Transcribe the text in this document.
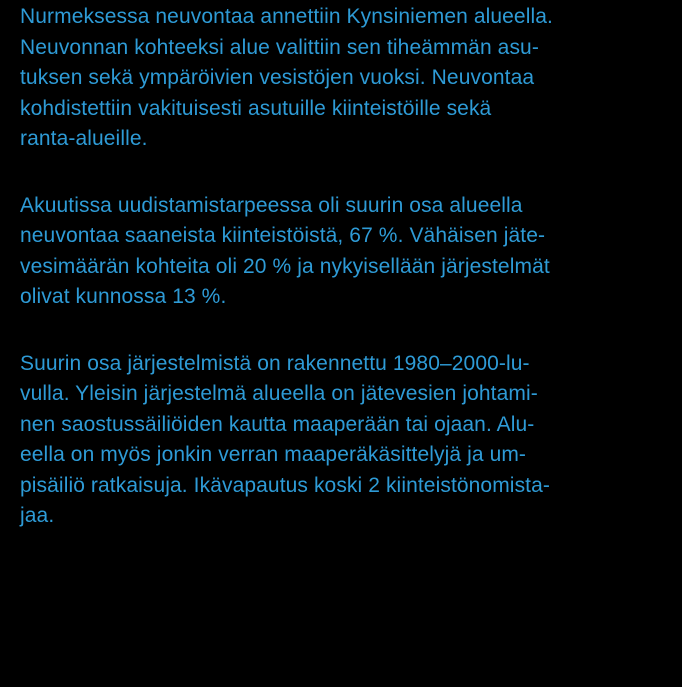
Nurmeksessa neuvontaa annettiin Kynsiniemen alueella.
Neuvonnan kohteeksi alue valittiin sen tiheämmän asu-
tuksen sekä ympäröivien vesistöjen vuoksi. Neuvontaa
kohdistettiin vakituisesti asutuille kiinteistöille sekä
ranta-alueille.

Akuutissa uudistamistarpeessa oli suurin osa alueella
neuvontaa saaneista kiinteistöistä, 67 %. Vähäisen jäte-
vesimäärän kohteita oli 20 % ja nykyisellään järjestelmät
olivat kunnossa 13 %.

Suurin osa järjestelmistä on rakennettu 1980–2000-lu-
vulla. Yleisin järjestelmä alueella on jätevesien johtami-
nen saostussäiliöiden kautta maaperään tai ojaan. Alu-
eella on myös jonkin verran maaperäkäsittelyjä ja um-
pisäiliö ratkaisuja. Ikävapautus koski 2 kiinteistönomista-
jaa.
